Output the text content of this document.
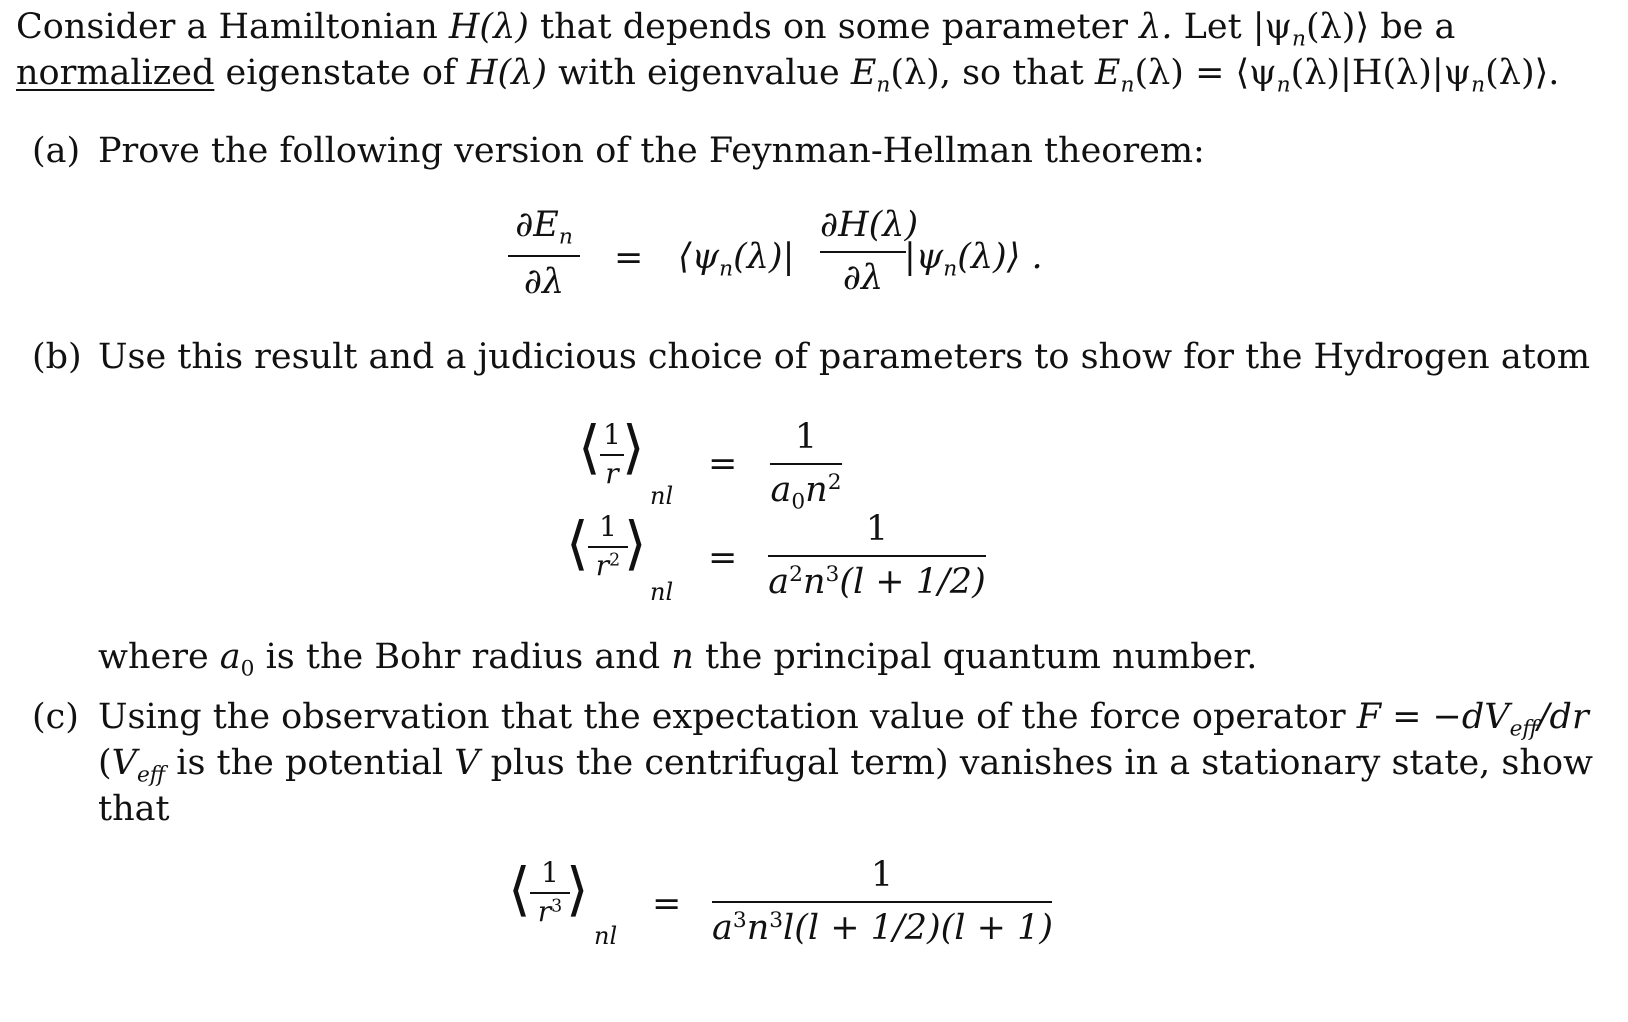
Consider a Hamiltonian H(λ) that depends on some parameter λ. Let $|\psi_n(\lambda)⟩$ be a
normalized eigenstate of H(λ) with eigenvalue $E_n(\lambda)$, so that $E_n(\lambda)$ = $⟨\psi_n(\lambda)|H(\lambda)|\psi_n(\lambda)⟩$.
(a) Prove the following version of the Feynman-Hellman theorem:
$\partial E_n$
∂λ
= $⟨\psi_n(\lambda)|$
∂H(λ)
∂λ
$|\psi_n(\lambda)⟩$ .
(b) Use this result and a judicious choice of parameters to show for the Hydrogen atom
⟨ 1
r ⟩
nl
=
1
$a_0n^2$
⟨ 1
$r^2$ ⟩
nl
=
1
$a^2n^3(l + 1/2)$
where $a_0$ is the Bohr radius and n the principal quantum number.
(c) Using the observation that the expectation value of the force operator $F = -dV_{eff}/dr$
($V_{eff}$ is the potential V plus the centrifugal term) vanishes in a stationary state, show
that
⟨ 1
$r^3$ ⟩
nl
=
1
$a^3n^3l(l + 1/2)(l + 1)$
